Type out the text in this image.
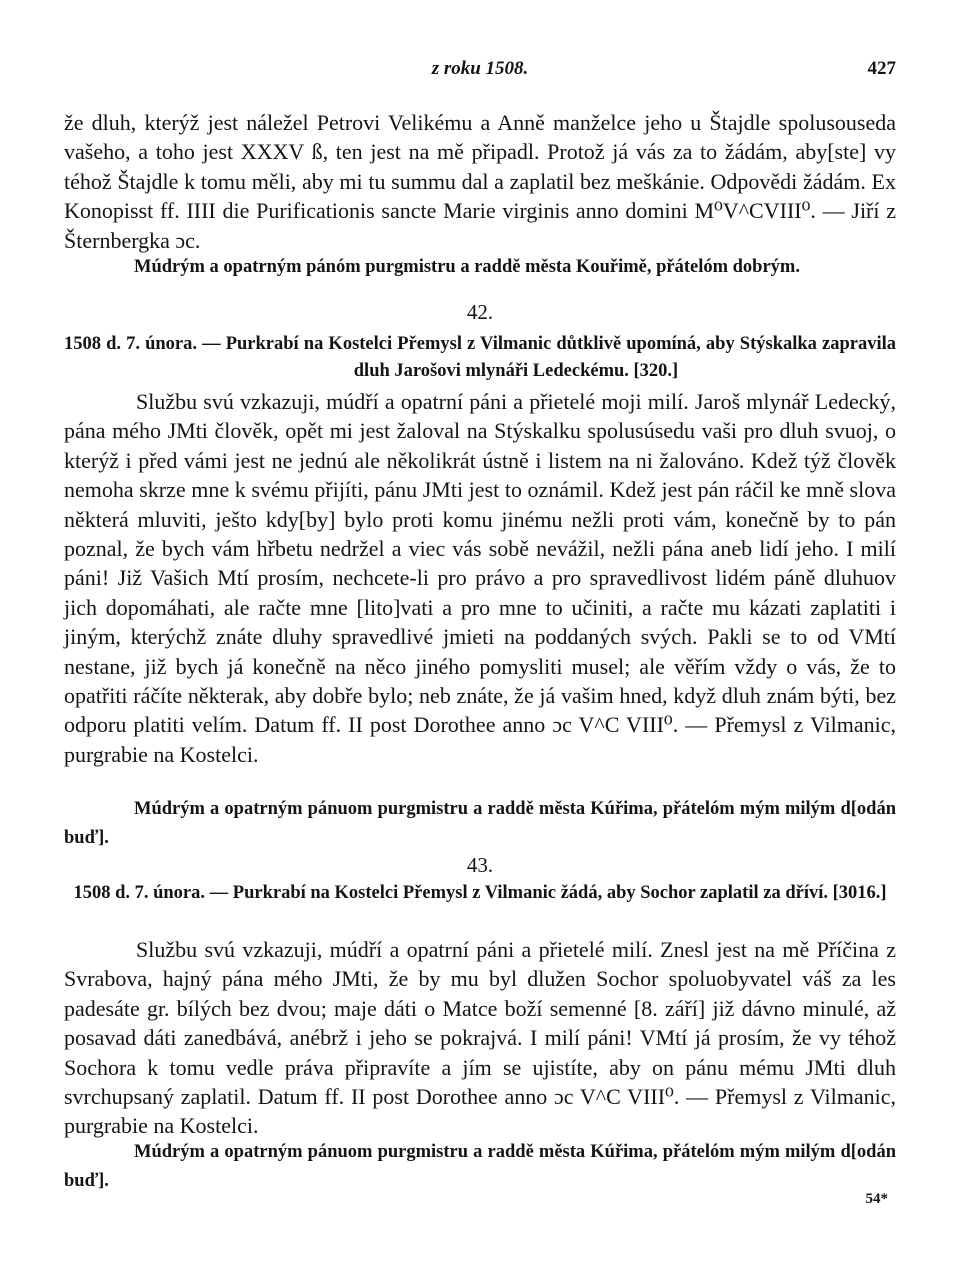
z roku 1508.	427

že dluh, kterýž jest náležel Petrovi Velikému a Anně manželce jeho u Štajdle spolusouseda vašeho, a toho jest XXXV ß, ten jest na mě připadl. Protož já vás za to žádám, aby[ste] vy téhož Štajdle k tomu měli, aby mi tu summu dal a zaplatil bez meškánie. Odpovědi žádám. Ex Konopisst ff. IIII die Purificationis sancte Marie virginis anno domini M⁰V^CVIII⁰. — Jiří z Šternbergka ɔc.

Múdrým a opatrným pánóm purgmistru a raddě města Kouřimě, přátelóm dobrým.

42.

1508 d. 7. února. — Purkrabí na Kostelci Přemysl z Vilmanic důtklivě upomíná, aby Stýskalka zapravila dluh Jarošovi mlynáři Ledeckému. [320.]

Službu svú vzkazuji, múdří a opatrní páni a přietelé moji milí. Jaroš mlynář Ledecký, pána mého JMti člověk, opět mi jest žaloval na Stýskalku spolusúsedu vaši pro dluh svuoj, o kterýž i před vámi jest ne jednú ale několikrát ústně i listem na ni žalováno. Kdež týž člověk nemoha skrze mne k svému přijíti, pánu JMti jest to oznámil. Kdež jest pán ráčil ke mně slova některá mluviti, ješto kdy[by] bylo proti komu jinému nežli proti vám, konečně by to pán poznal, že bych vám hřbetu nedržel a viec vás sobě nevážil, nežli pána aneb lidí jeho. I milí páni! Již Vašich Mtí prosím, nechcete-li pro právo a pro spravedlivost lidém páně dluhuov jich dopomáhati, ale račte mne [lito]vati a pro mne to učiniti, a račte mu kázati zaplatiti i jiným, kterýchž znáte dluhy spravedlivé jmieti na poddaných svých. Pakli se to od VMtí nestane, již bych já konečně na něco jiného pomysliti musel; ale věřím vždy o vás, že to opatřiti ráčíte některak, aby dobře bylo; neb znáte, že já vašim hned, když dluh znám býti, bez odporu platiti velím. Datum ff. II post Dorothee anno ɔc V^C VIII⁰. — Přemysl z Vilmanic, purgrabie na Kostelci.

Múdrým a opatrným pánuom purgmistru a raddě města Kúřima, přátelóm mým milým d[odán buď].

43.

1508 d. 7. února. — Purkrabí na Kostelci Přemysl z Vilmanic žádá, aby Sochor zaplatil za dříví. [3016.]

Službu svú vzkazuji, múdří a opatrní páni a přietelé milí. Znesl jest na mě Příčina z Svrabova, hajný pána mého JMti, že by mu byl dlužen Sochor spoluobyvatel váš za les padesáte gr. bílých bez dvou; maje dáti o Matce boží semenné [8. září] již dávno minulé, až posavad dáti zanedbává, anébrž i jeho se pokrajvá. I milí páni! VMtí já prosím, že vy téhož Sochora k tomu vedle práva připravíte a jím se ujistíte, aby on pánu mému JMti dluh svrchupsaný zaplatil. Datum ff. II post Dorothee anno ɔc V^C VIII⁰. — Přemysl z Vilmanic, purgrabie na Kostelci.

Múdrým a opatrným pánuom purgmistru a raddě města Kúřima, přátelóm mým milým d[odán buď].

54*
